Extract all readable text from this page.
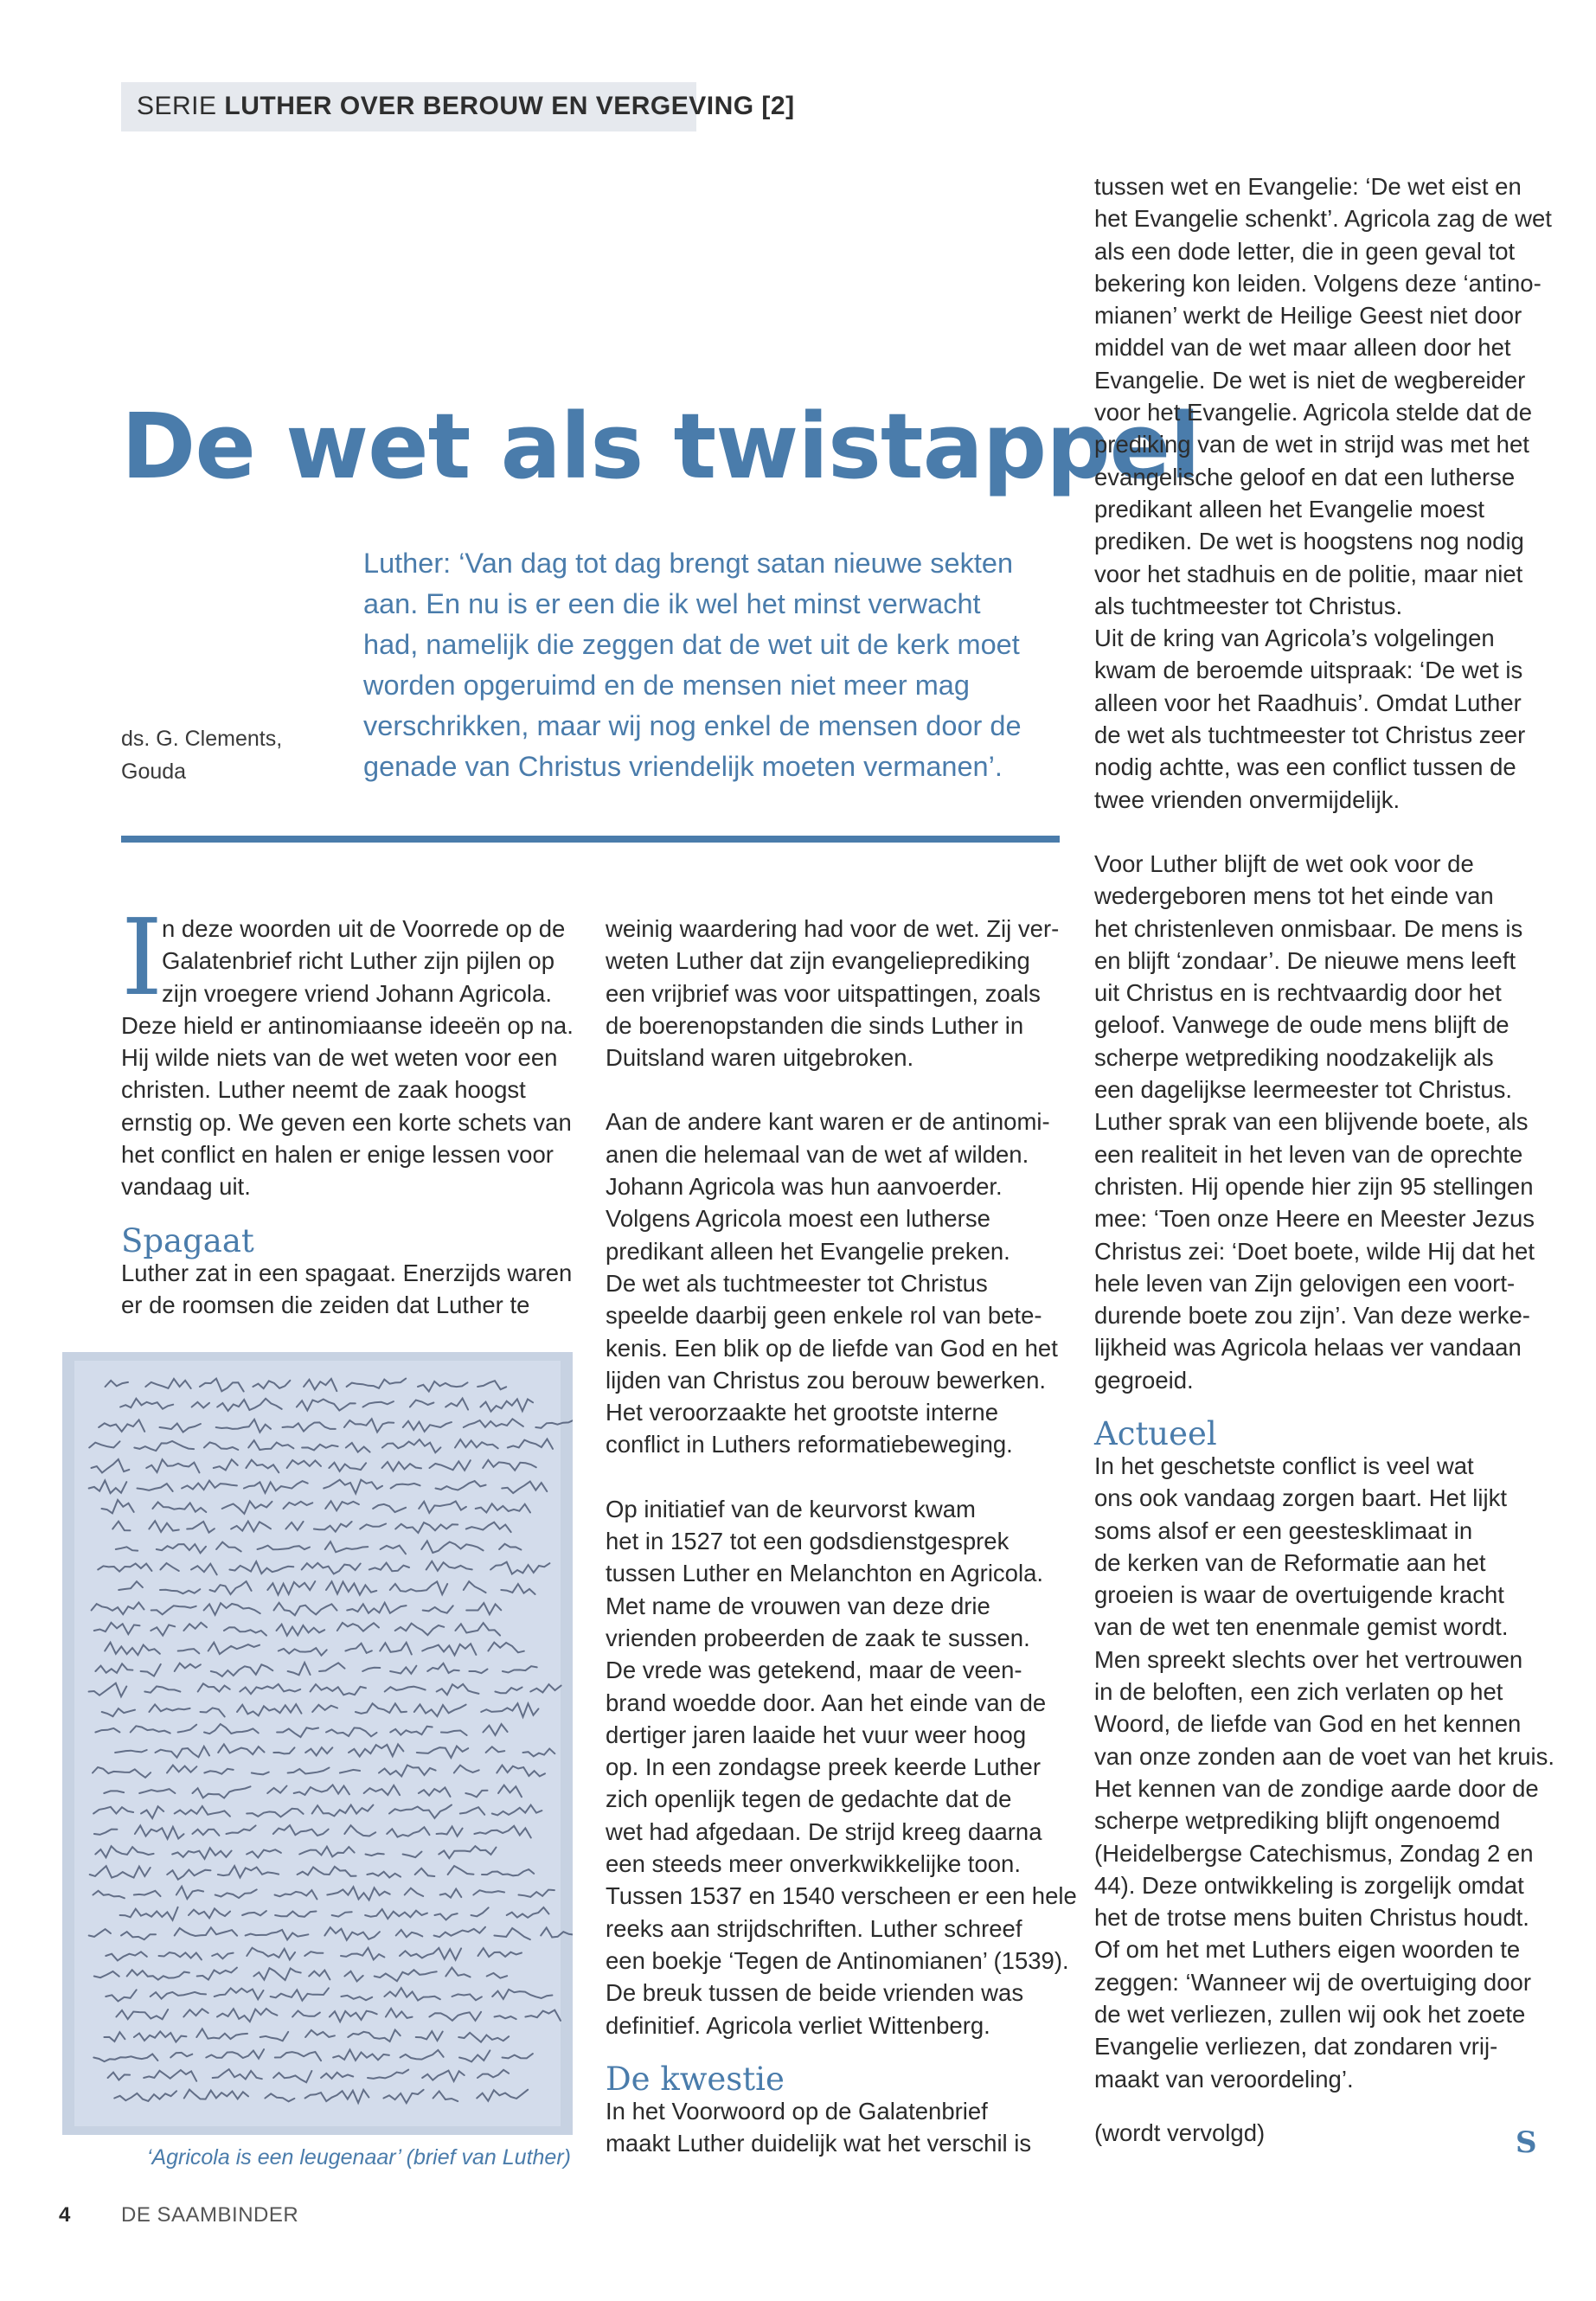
SERIE LUTHER OVER BEROUW EN VERGEVING [2]
De wet als twistappel
ds. G. Clements,
Gouda
Luther: ‘Van dag tot dag brengt satan nieuwe sekten
aan. En nu is er een die ik wel het minst verwacht
had, namelijk die zeggen dat de wet uit de kerk moet
worden opgeruimd en de mensen niet meer mag
verschrikken, maar wij nog enkel de mensen door de
genade van Christus vriendelijk moeten vermanen’.
I
n deze woorden uit de Voorrede op de
Galatenbrief richt Luther zijn pijlen op
zijn vroegere vriend Johann Agricola.
Deze hield er antinomiaanse ideeën op na.
Hij wilde niets van de wet weten voor een
christen. Luther neemt de zaak hoogst
ernstig op. We geven een korte schets van
het conflict en halen er enige lessen voor
vandaag uit.
Spagaat
Luther zat in een spagaat. Enerzijds waren
er de roomsen die zeiden dat Luther te
‘Agricola is een leugenaar’ (brief van Luther)
weinig waardering had voor de wet. Zij ver-
weten Luther dat zijn evangelieprediking
een vrijbrief was voor uitspattingen, zoals
de boerenopstanden die sinds Luther in
Duitsland waren uitgebroken.
Aan de andere kant waren er de antinomi-
anen die helemaal van de wet af wilden.
Johann Agricola was hun aanvoerder.
Volgens Agricola moest een lutherse
predikant alleen het Evangelie preken.
De wet als tuchtmeester tot Christus
speelde daarbij geen enkele rol van bete-
kenis. Een blik op de liefde van God en het
lijden van Christus zou berouw bewerken.
Het veroorzaakte het grootste interne
conflict in Luthers reformatiebeweging.
Op initiatief van de keurvorst kwam
het in 1527 tot een godsdienstgesprek
tussen Luther en Melanchton en Agricola.
Met name de vrouwen van deze drie
vrienden probeerden de zaak te sussen.
De vrede was getekend, maar de veen-
brand woedde door. Aan het einde van de
dertiger jaren laaide het vuur weer hoog
op. In een zondagse preek keerde Luther
zich openlijk tegen de gedachte dat de
wet had afgedaan. De strijd kreeg daarna
een steeds meer onverkwikkelijke toon.
Tussen 1537 en 1540 verscheen er een hele
reeks aan strijdschriften. Luther schreef
een boekje ‘Tegen de Antinomianen’ (1539).
De breuk tussen de beide vrienden was
definitief. Agricola verliet Wittenberg.
De kwestie
In het Voorwoord op de Galatenbrief
maakt Luther duidelijk wat het verschil is
tussen wet en Evangelie: ‘De wet eist en
het Evangelie schenkt’. Agricola zag de wet
als een dode letter, die in geen geval tot
bekering kon leiden. Volgens deze ‘antino-
mianen’ werkt de Heilige Geest niet door
middel van de wet maar alleen door het
Evangelie. De wet is niet de wegbereider
voor het Evangelie. Agricola stelde dat de
prediking van de wet in strijd was met het
evangelische geloof en dat een lutherse
predikant alleen het Evangelie moest
prediken. De wet is hoogstens nog nodig
voor het stadhuis en de politie, maar niet
als tuchtmeester tot Christus.
Uit de kring van Agricola’s volgelingen
kwam de beroemde uitspraak: ‘De wet is
alleen voor het Raadhuis’. Omdat Luther
de wet als tuchtmeester tot Christus zeer
nodig achtte, was een conflict tussen de
twee vrienden onvermijdelijk.
Voor Luther blijft de wet ook voor de
wedergeboren mens tot het einde van
het christenleven onmisbaar. De mens is
en blijft ‘zondaar’. De nieuwe mens leeft
uit Christus en is rechtvaardig door het
geloof. Vanwege de oude mens blijft de
scherpe wetprediking noodzakelijk als
een dagelijkse leermeester tot Christus.
Luther sprak van een blijvende boete, als
een realiteit in het leven van de oprechte
christen. Hij opende hier zijn 95 stellingen
mee: ‘Toen onze Heere en Meester Jezus
Christus zei: ‘Doet boete, wilde Hij dat het
hele leven van Zijn gelovigen een voort-
durende boete zou zijn’. Van deze werke-
lijkheid was Agricola helaas ver vandaan
gegroeid.
Actueel
In het geschetste conflict is veel wat
ons ook vandaag zorgen baart. Het lijkt
soms alsof er een geestesklimaat in
de kerken van de Reformatie aan het
groeien is waar de overtuigende kracht
van de wet ten enenmale gemist wordt.
Men spreekt slechts over het vertrouwen
in de beloften, een zich verlaten op het
Woord, de liefde van God en het kennen
van onze zonden aan de voet van het kruis.
Het kennen van de zondige aarde door de
scherpe wetprediking blijft ongenoemd
(Heidelbergse Catechismus, Zondag 2 en
44). Deze ontwikkeling is zorgelijk omdat
het de trotse mens buiten Christus houdt.
Of om het met Luthers eigen woorden te
zeggen: ‘Wanneer wij de overtuiging door
de wet verliezen, zullen wij ook het zoete
Evangelie verliezen, dat zondaren vrij-
maakt van veroordeling’.
(wordt vervolgd)	S
4 DE SAAMBINDER
